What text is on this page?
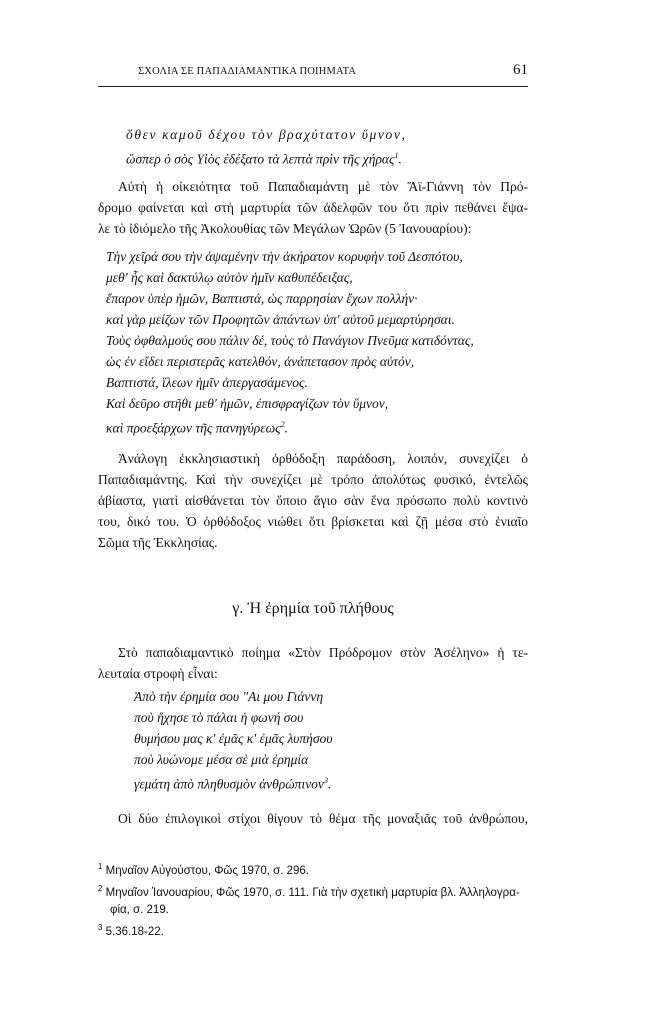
ΣΧΟΛΙΑ ΣΕ ΠΑΠΑΔΙΑΜΑΝΤΙΚΑ ΠΟΙΗΜΑΤΑ	61
ὅθεν καμοῦ δέχου τὸν βραχύτατον ὕμνον,
ὥσπερ ὁ σὸς Υἱὸς ἐδέξατο τὰ λεπτὰ πρὶν τῆς χήρας$^1$.
Αὐτὴ ἡ οἰκειότητα τοῦ Παπαδιαμάντη μὲ τὸν Ἅϊ-Γιάννη τὸν Πρό-
δρομο φαίνεται καὶ στὴ μαρτυρία τῶν ἀδελφῶν του ὅτι πρὶν πεθάνει ἔψα-
λε τὸ ἰδιόμελο τῆς Ἀκολουθίας τῶν Μεγάλων Ὡρῶν (5 Ἰανουαρίου):
Τὴν χεῖρά σου τὴν ἁψαμένην τὴν ἀκήρατον κορυφὴν τοῦ Δεσπότου,
μεθ' ἧς καὶ δακτύλῳ αὐτὸν ἡμῖν καθυπέδειξας,
ἔπαρον ὑπὲρ ἡμῶν, Βαπτιστά, ὡς παρρησίαν ἔχων πολλήν·
καὶ γὰρ μείζων τῶν Προφητῶν ἁπάντων ὑπ' αὐτοῦ μεμαρτύρησαι.
Τοὺς ὀφθαλμούς σου πάλιν δέ, τοὺς τὸ Πανάγιον Πνεῦμα κατιδόντας,
ὡς ἐν εἴδει περιστερᾶς κατελθόν, ἀνάπετασον πρὸς αὐτόν,
Βαπτιστά, ἵλεων ἡμῖν ἀπεργασάμενος.
Καὶ δεῦρο στῆθι μεθ' ἡμῶν, ἐπισφραγίζων τὸν ὕμνον,
καὶ προεξάρχων τῆς πανηγύρεως$^2$.
Ἀνάλογη ἐκκλησιαστικὴ ὀρθόδοξη παράδοση, λοιπόν, συνεχίζει ὁ
Παπαδιαμάντης. Καὶ τὴν συνεχίζει μὲ τρόπο ἀπολύτως φυσικό, ἐντελῶς
ἀβίαστα, γιατὶ αἰσθάνεται τὸν ὅποιο ἅγιο σὰν ἕνα πρόσωπο πολὺ κοντινὸ
του, δικό του. Ὁ ὀρθόδοξος νιώθει ὅτι βρίσκεται καὶ ζῇ μέσα στὸ ἑνιαῖο
Σῶμα τῆς Ἐκκλησίας.
γ. Ἡ ἐρημία τοῦ πλήθους
Στὸ παπαδιαμαντικὸ ποίημα «Στὸν Πρόδρομον στὸν Ἀσέληνο» ἡ τε-
λευταία στροφὴ εἶναι:
Ἀπὸ τὴν ἐρημία σου "Αι μου Γιάννη
ποὺ ἤχησε τὸ πάλαι ἡ φωνή σου
θυμήσου μας κ' ἐμᾶς κ' ἐμᾶς λυπήσου
ποὺ λυώνομε μέσα σὲ μιὰ ἐρημία
γεμάτη ἀπὸ πληθυσμὸν ἀνθρώπινον$^3$.
Οἱ δύο ἐπιλογικοὶ στίχοι θίγουν τὸ θέμα τῆς μοναξιᾶς τοῦ ἀνθρώπου,
$^1$ Μηναῖον Αὐγούστου, Φῶς 1970, σ. 296.
$^2$ Μηναῖον Ἰανουαρίου, Φῶς 1970, σ. 111. Γιὰ τὴν σχετικὴ μαρτυρία βλ. Ἀλληλογρα-
φία, σ. 219.
$^3$ 5.36.18-22.
